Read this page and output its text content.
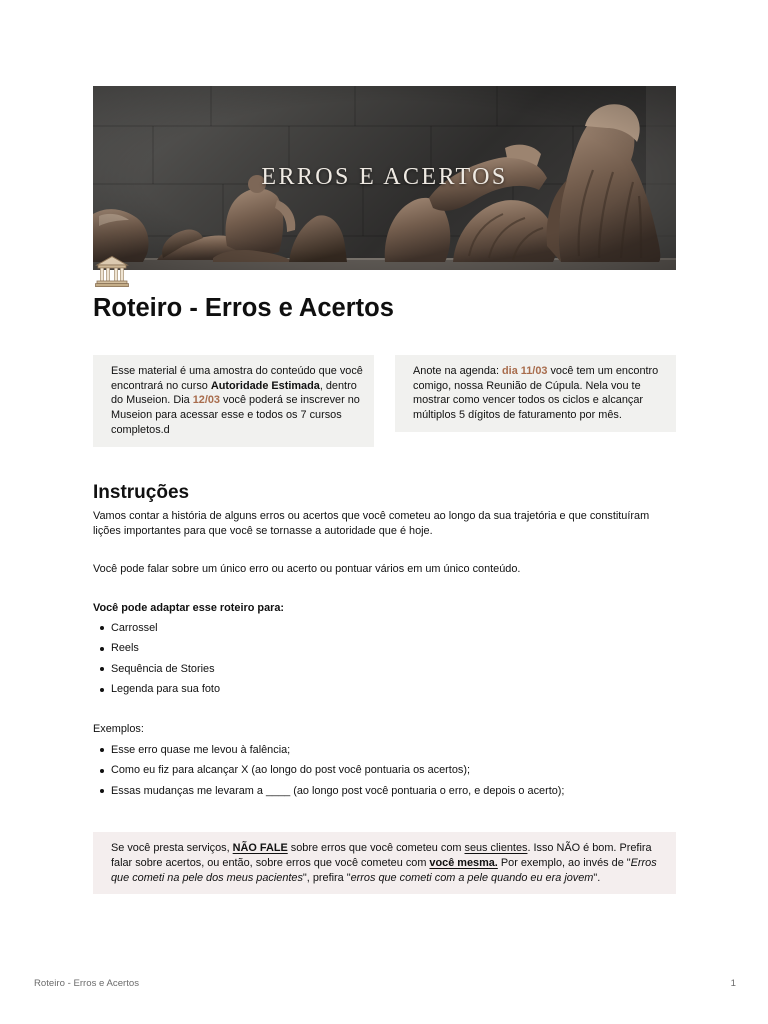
ERROS E ACERTOS
Roteiro - Erros e Acertos
Esse material é uma amostra do conteúdo que você
encontrará no curso Autoridade Estimada, dentro
do Museion. Dia 12/03 você poderá se inscrever no
Museion para acessar esse e todos os 7 cursos
completos.d
Anote na agenda: dia 11/03 você tem um encontro
comigo, nossa Reunião de Cúpula. Nela vou te
mostrar como vencer todos os ciclos e alcançar
múltiplos 5 dígitos de faturamento por mês.
Instruções
Vamos contar a história de alguns erros ou acertos que você cometeu ao longo da sua trajetória e que constituíram
lições importantes para que você se tornasse a autoridade que é hoje.
Você pode falar sobre um único erro ou acerto ou pontuar vários em um único conteúdo.
Você pode adaptar esse roteiro para:
Carrossel
Reels
Sequência de Stories
Legenda para sua foto
Exemplos:
Esse erro quase me levou à falência;
Como eu fiz para alcançar X (ao longo do post você pontuaria os acertos);
Essas mudanças me levaram a ____ (ao longo post você pontuaria o erro, e depois o acerto);
Se você presta serviços, NÃO FALE sobre erros que você cometeu com seus clientes. Isso NÃO é bom. Prefira
falar sobre acertos, ou então, sobre erros que você cometeu com você mesma. Por exemplo, ao invés de "Erros
que cometi na pele dos meus pacientes", prefira "erros que cometi com a pele quando eu era jovem".
Roteiro - Erros e Acertos	1
